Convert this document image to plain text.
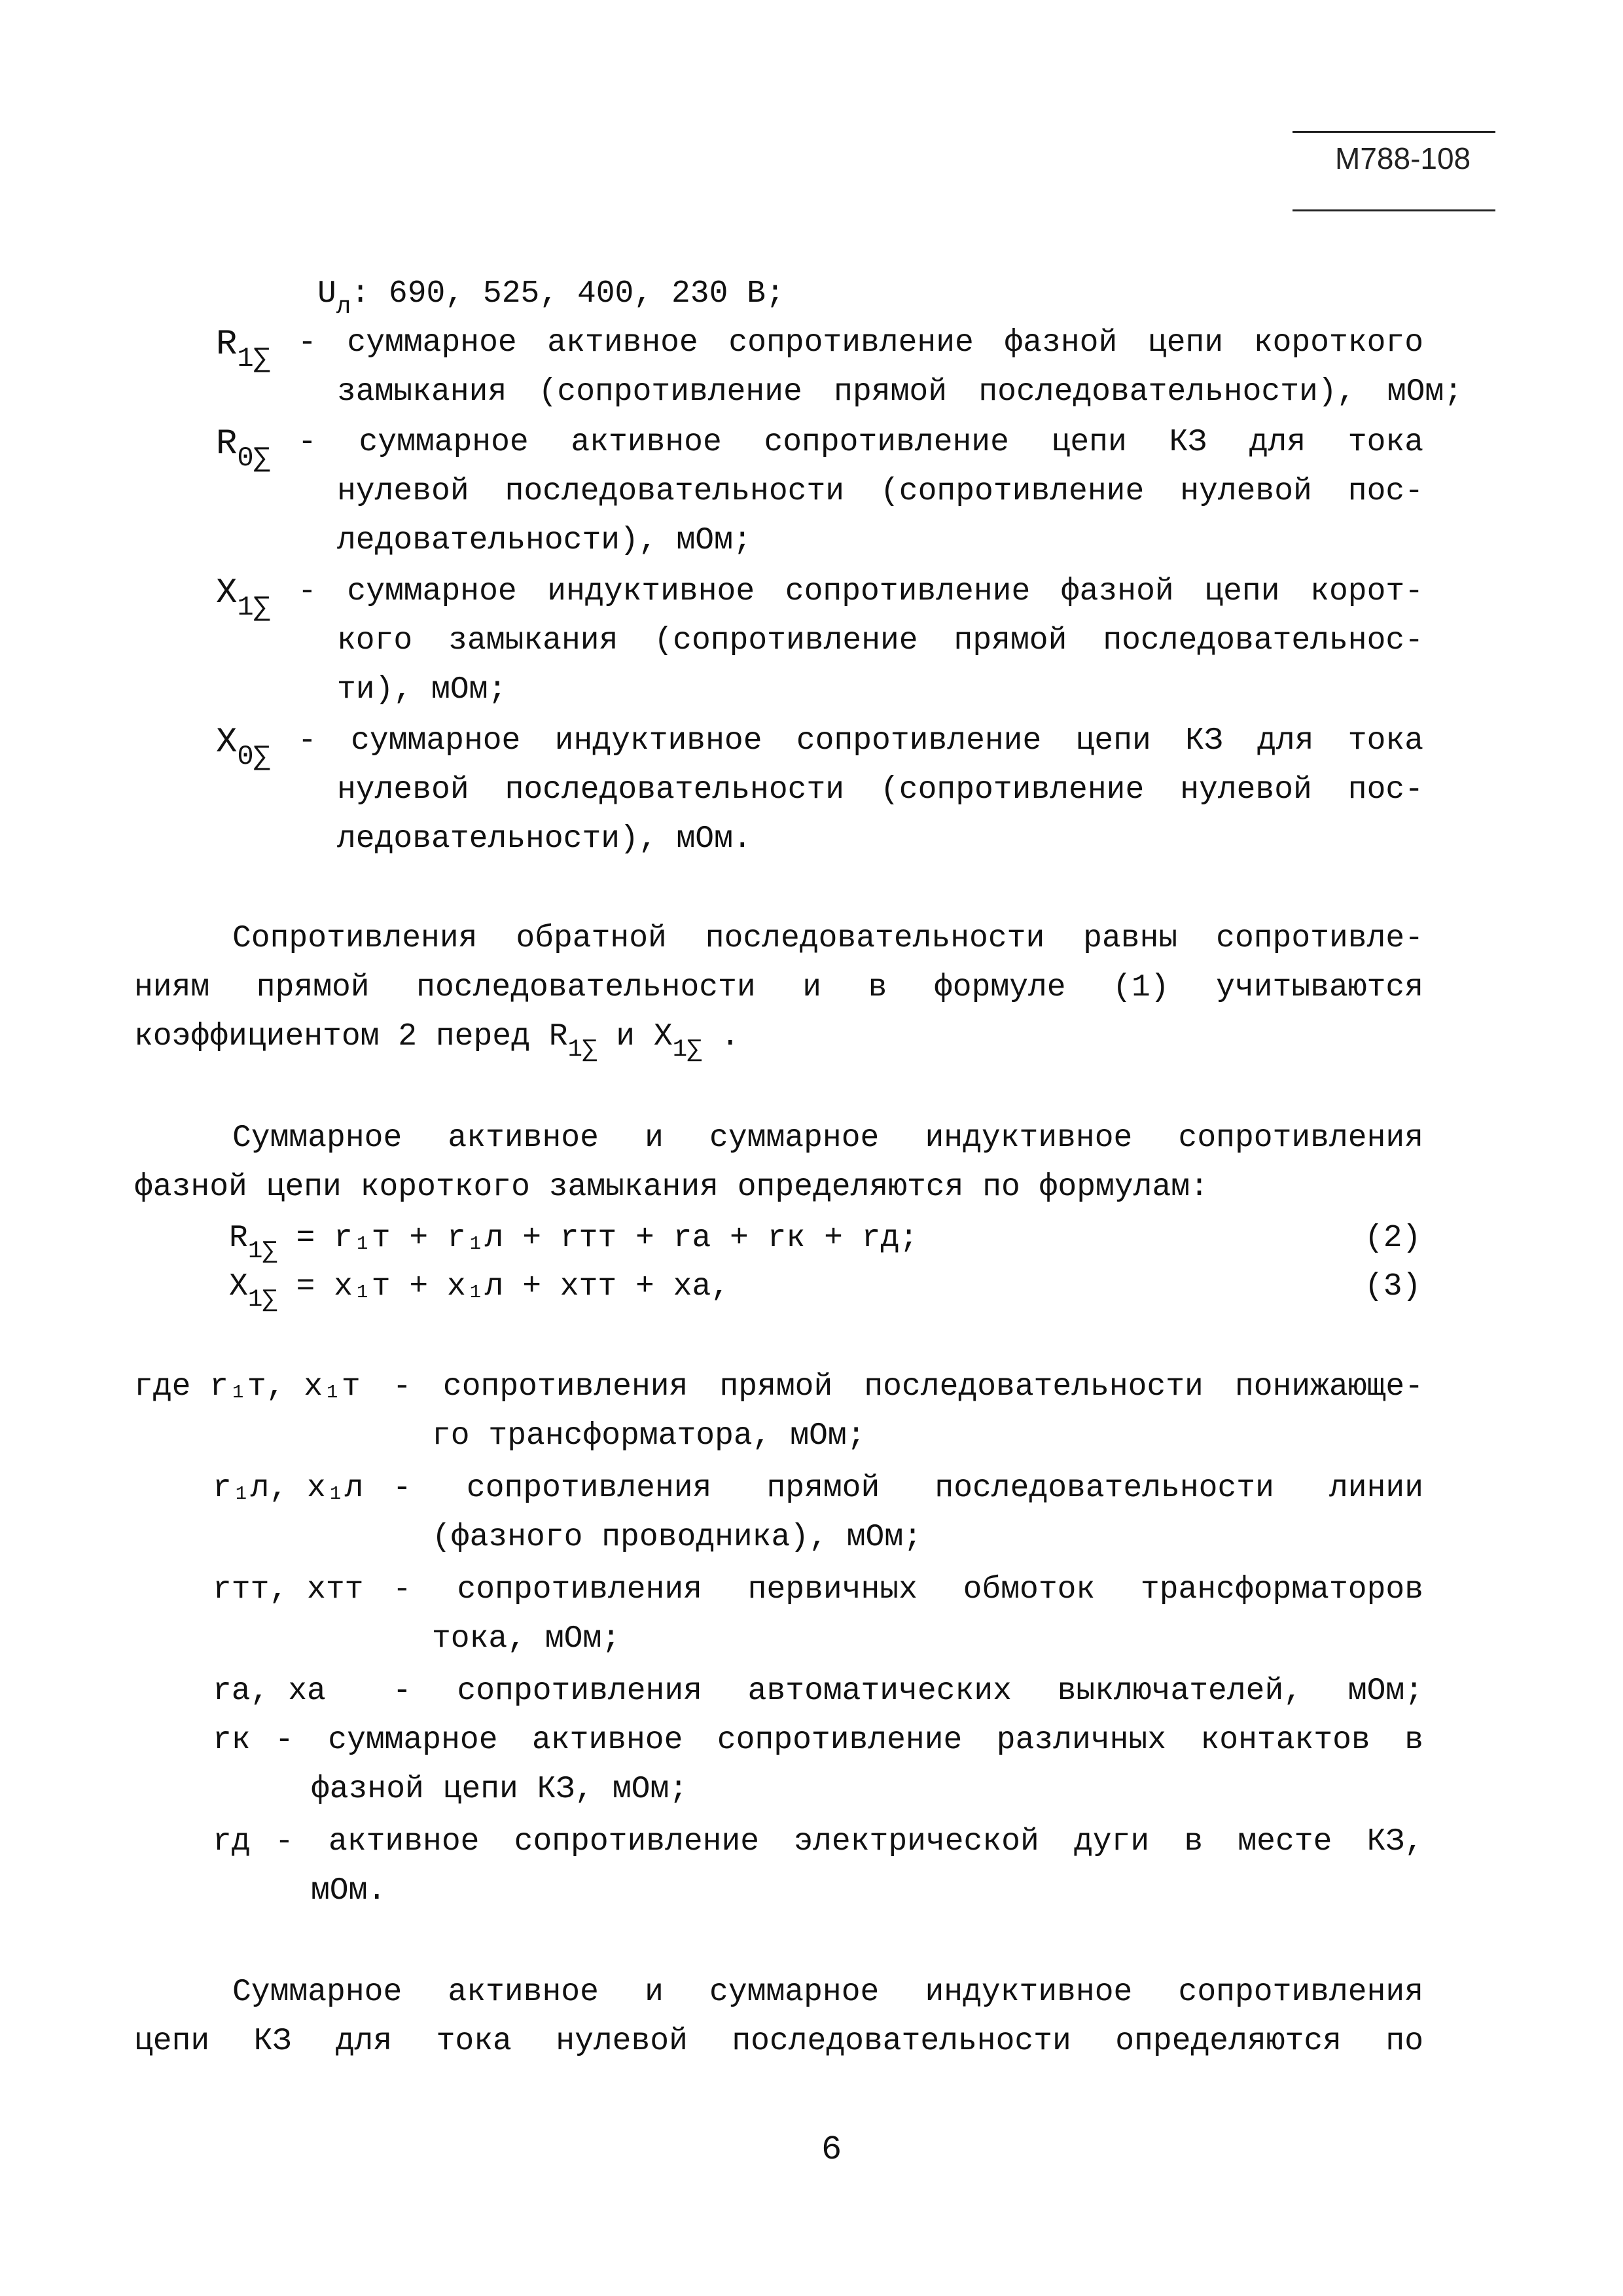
M788-108
$U_л$: 690, 525, 400, 230 В;
$R_{1\sum}$ - суммарное активное сопротивление фазной цепи короткого
замыкания (сопротивление прямой последовательности), мОм;
$R_{0\sum}$ - суммарное активное сопротивление цепи КЗ для тока
нулевой последовательности (сопротивление нулевой пос-
ледовательности), мОм;
$X_{1\sum}$ - суммарное индуктивное сопротивление фазной цепи корот-
кого замыкания (сопротивление прямой последовательнос-
ти), мОм;
$X_{0\sum}$ - суммарное индуктивное сопротивление цепи КЗ для тока
нулевой последовательности (сопротивление нулевой пос-
ледовательности), мОм.
Сопротивления обратной последовательности равны сопротивле-
ниям прямой последовательности и в формуле (1) учитываются
коэффициентом 2 перед $R_{1\sum}$ и $X_{1\sum}$ .
Суммарное активное и суммарное индуктивное сопротивления
фазной цепи короткого замыкания определяются по формулам:
$R_{1\sum} = r_1т + r_1л$ + rтт + rа + rк + rд;	(2)
$X_{1\sum} = x_1т + x_1л$ + xтт + xа,	(3)
где r₁т, x₁т - сопротивления прямой последовательности понижающе-
го трансформатора, мОм;
r₁л, x₁л - сопротивления прямой последовательности линии
(фазного проводника), мОм;
rтт, xтт - сопротивления первичных обмоток трансформаторов
тока, мОм;
rа, xа - сопротивления автоматических выключателей, мОм;
rк - суммарное активное сопротивление различных контактов в
фазной цепи КЗ, мОм;
rд - активное сопротивление электрической дуги в месте КЗ,
мОм.
Суммарное активное и суммарное индуктивное сопротивления
цепи КЗ для тока нулевой последовательности определяются по
6
